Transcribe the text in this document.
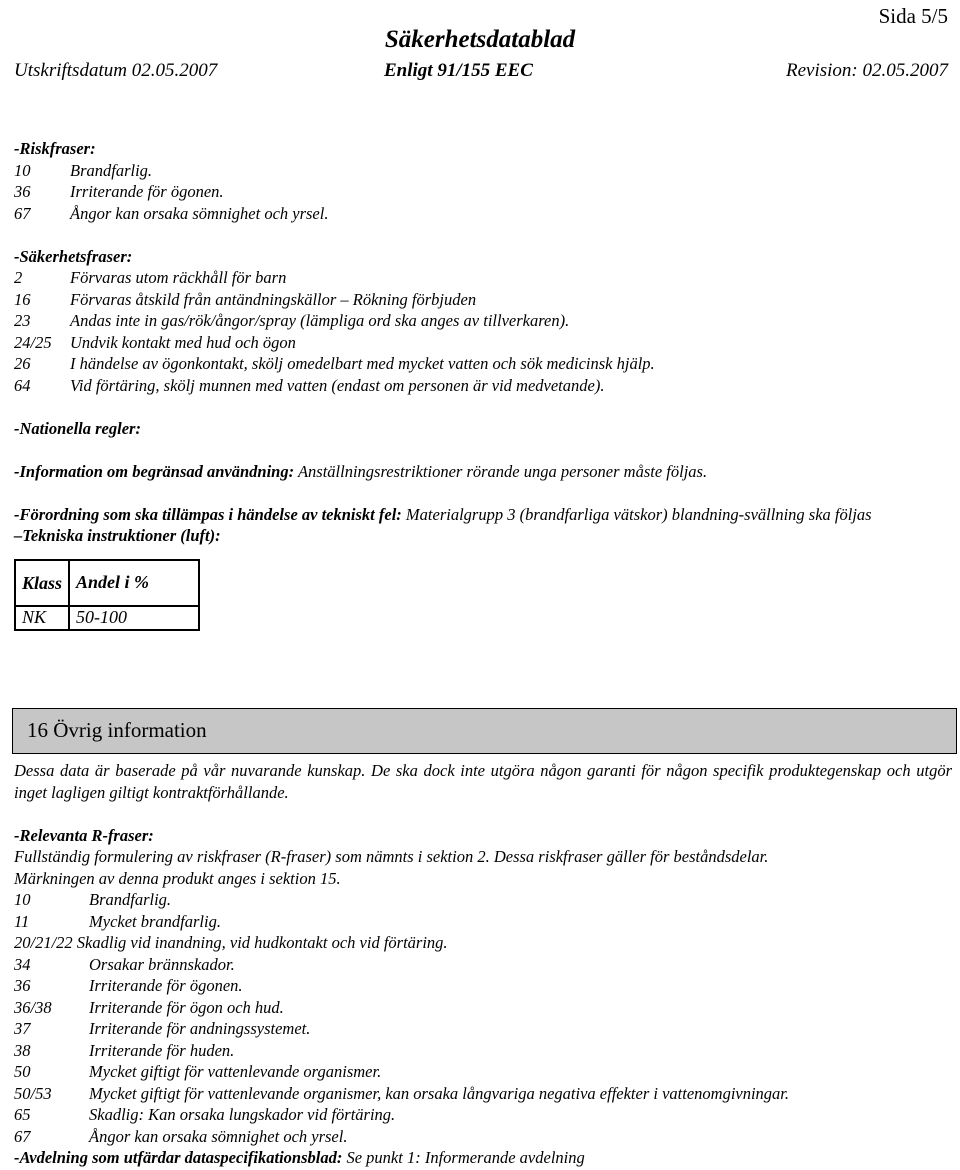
Sida 5/5
Säkerhetsdatablad
Utskriftsdatum 02.05.2007	Enligt 91/155 EEC	Revision: 02.05.2007
-Riskfraser:
10 Brandfarlig.
36 Irriterande för ögonen.
67 Ångor kan orsaka sömnighet och yrsel.
-Säkerhetsfraser:
2	Förvaras utom räckhåll för barn
16 Förvaras åtskild från antändningskällor – Rökning förbjuden
23 Andas inte in gas/rök/ångor/spray (lämpliga ord ska anges av tillverkaren).
24/25 Undvik kontakt med hud och ögon
26 I händelse av ögonkontakt, skölj omedelbart med mycket vatten och sök medicinsk hjälp.
64 Vid förtäring, skölj munnen med vatten (endast om personen är vid medvetande).
-Nationella regler:
-Information om begränsad användning: Anställningsrestriktioner rörande unga personer måste följas.
-Förordning som ska tillämpas i händelse av tekniskt fel: Materialgrupp 3 (brandfarliga vätskor) blandning-svällning ska följas
–Tekniska instruktioner (luft):
Klass	Andel i %
NK	50-100
16 Övrig information
Dessa data är baserade på vår nuvarande kunskap. De ska dock inte utgöra någon garanti för någon specifik produktegenskap och utgör inget lagligen giltigt kontraktförhållande.
-Relevanta R-fraser:
Fullständig formulering av riskfraser (R-fraser) som nämnts i sektion 2. Dessa riskfraser gäller för beståndsdelar.
Märkningen av denna produkt anges i sektion 15.
10	Brandfarlig.
11	Mycket brandfarlig.
20/21/22 Skadlig vid inandning, vid hudkontakt och vid förtäring.
34	Orsakar brännskador.
36	Irriterande för ögonen.
36/38 Irriterande för ögon och hud.
37	Irriterande för andningssystemet.
38	Irriterande för huden.
50	Mycket giftigt för vattenlevande organismer.
50/53 Mycket giftigt för vattenlevande organismer, kan orsaka långvariga negativa effekter i vattenomgivningar.
65	Skadlig: Kan orsaka lungskador vid förtäring.
67	Ångor kan orsaka sömnighet och yrsel.
-Avdelning som utfärdar dataspecifikationsblad: Se punkt 1: Informerande avdelning
